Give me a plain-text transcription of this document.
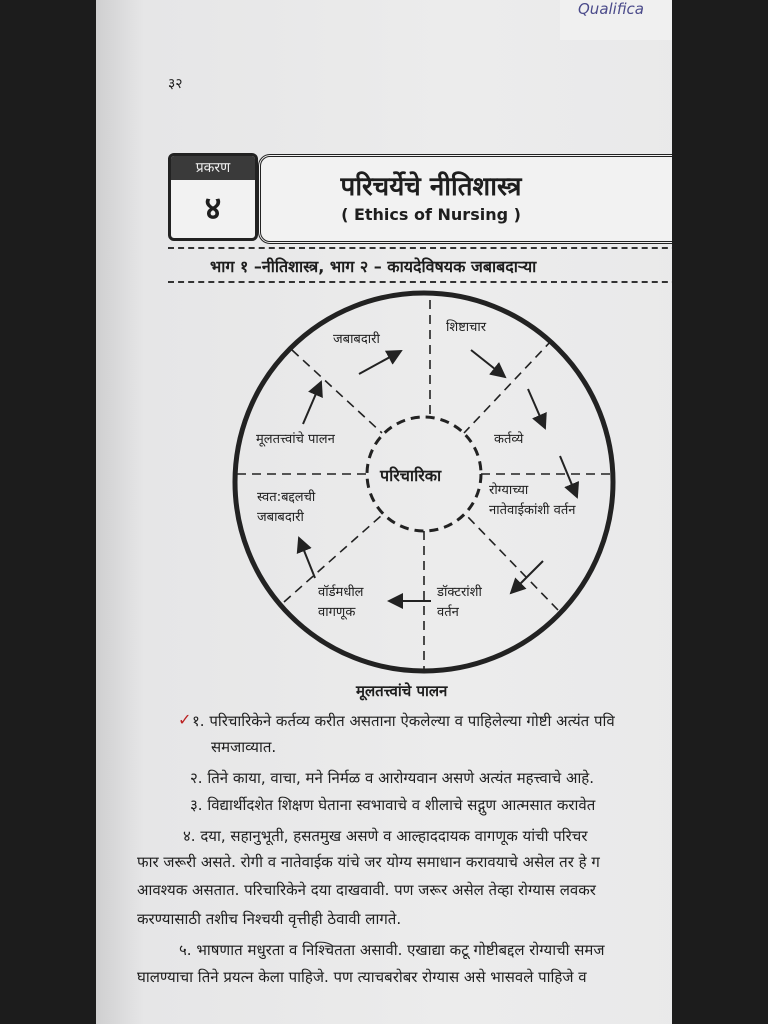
Qualifica
३२
प्रकरण
४
परिचर्येचे नीतिशास्त्र
( Ethics of Nursing )
भाग १ –नीतिशास्त्र, भाग २ – कायदेविषयक जबाबदाऱ्या
परिचारिका
जबाबदारी
शिष्टाचार
कर्तव्ये
रोग्याच्या नातेवाईकांशी वर्तन
डॉक्टरांशी वर्तन
वॉर्डमधील वागणूक
स्वत:बद्दलची जबाबदारी
मूलतत्त्वांचे पालन
मूलतत्त्वांचे पालन
✓ १. परिचारिकेने कर्तव्य करीत असताना ऐकलेल्या व पाहिलेल्या गोष्टी अत्यंत पवि
समजाव्यात.
२. तिने काया, वाचा, मने निर्मळ व आरोग्यवान असणे अत्यंत महत्त्वाचे आहे.
३. विद्यार्थीदशेत शिक्षण घेताना स्वभावाचे व शीलाचे सद्गुण आत्मसात करावेत
४. दया, सहानुभूती, हसतमुख असणे व आल्हाददायक वागणूक यांची परिचर
फार जरूरी असते. रोगी व नातेवाईक यांचे जर योग्य समाधान करावयाचे असेल तर हे ग
आवश्यक असतात. परिचारिकेने दया दाखवावी. पण जरूर असेल तेव्हा रोग्यास लवकर
करण्यासाठी तशीच निश्चयी वृत्तीही ठेवावी लागते.
५. भाषणात मधुरता व निश्चितता असावी. एखाद्या कटू गोष्टीबद्दल रोग्याची समज
घालण्याचा तिने प्रयत्न केला पाहिजे. पण त्याचबरोबर रोग्यास असे भासवले पाहिजे व
